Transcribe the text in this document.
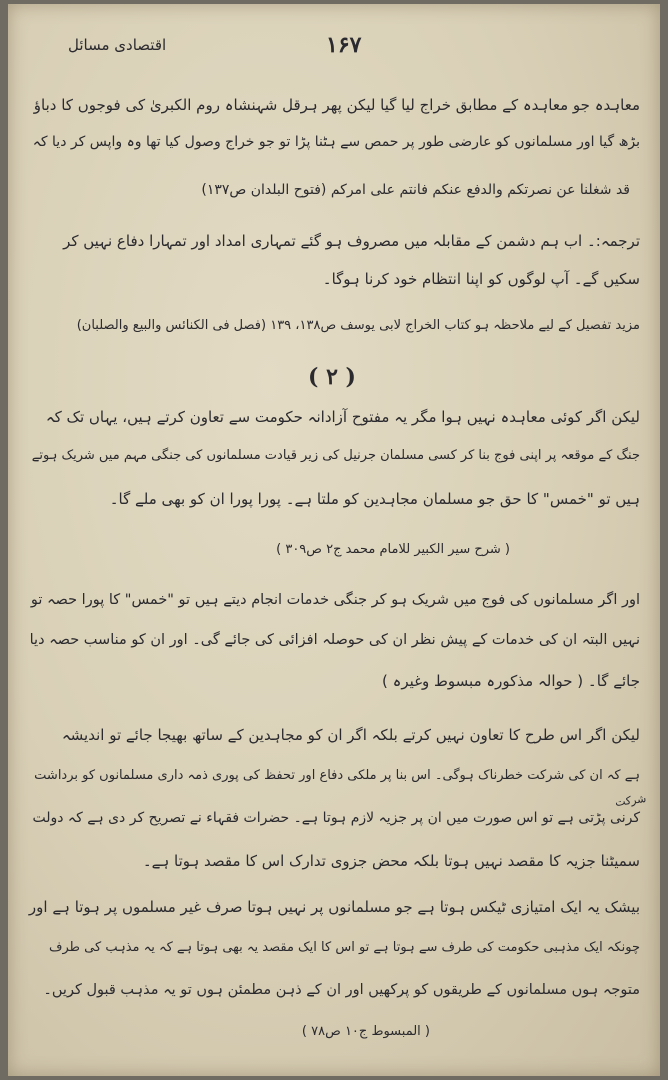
اقتصادی مسائل	۱۶۷
معاہدہ جو معاہدہ کے مطابق خراج لیا گیا لیکن پھر ہرقل شہنشاہ روم الکبریٰ کی فوجوں کا دباؤ
بڑھ گیا اور مسلمانوں کو عارضی طور پر حمص سے ہٹنا پڑا تو جو خراج وصول کیا تھا وہ واپس کر دیا کہ
قد شغلنا عن نصرتکم والدفع عنکم فانتم علی امرکم (فتوح البلدان ص۱۳۷)
ترجمہ:۔ اب ہم دشمن کے مقابلہ میں مصروف ہو گئے تمہاری امداد اور تمہارا دفاع نہیں کر
سکیں گے۔ آپ لوگوں کو اپنا انتظام خود کرنا ہوگا۔
مزید تفصیل کے لیے ملاحظہ ہو کتاب الخراج لابی یوسف ص۱۳۸، ۱۳۹ (فصل فی الکنائس والبیع والصلبان)
( ۲ )
لیکن اگر کوئی معاہدہ نہیں ہوا مگر یہ مفتوح آزادانہ حکومت سے تعاون کرتے ہیں، یہاں تک کہ
جنگ کے موقعہ پر اپنی فوج بنا کر کسی مسلمان جرنیل کی زیر قیادت مسلمانوں کی جنگی مہم میں شریک ہوتے
ہیں تو "خمس" کا حق جو مسلمان مجاہدین کو ملتا ہے۔ پورا پورا ان کو بھی ملے گا۔
( شرح سیر الکبیر للامام محمد ج۲ ص۳۰۹ )
اور اگر مسلمانوں کی فوج میں شریک ہو کر جنگی خدمات انجام دیتے ہیں تو "خمس" کا پورا حصہ تو
نہیں البتہ ان کی خدمات کے پیش نظر ان کی حوصلہ افزائی کی جائے گی۔ اور ان کو مناسب حصہ دیا
جائے گا۔ ( حوالہ مذکورہ مبسوط وغیرہ )
لیکن اگر اس طرح کا تعاون نہیں کرتے بلکہ اگر ان کو مجاہدین کے ساتھ بھیجا جائے تو اندیشہ
ہے کہ ان کی شرکت خطرناک ہوگی۔ اس بنا پر ملکی دفاع اور تحفظ کی پوری ذمہ داری مسلمانوں کو برداشت
کرنی پڑتی ہے تو اس صورت میں ان پر جزیہ لازم ہوتا ہے۔ حضرات فقہاء نے تصریح کر دی ہے کہ دولت
سمیٹنا جزیہ کا مقصد نہیں ہوتا بلکہ محض جزوی تدارک اس کا مقصد ہوتا ہے۔
بیشک یہ ایک امتیازی ٹیکس ہوتا ہے جو مسلمانوں پر نہیں ہوتا صرف غیر مسلموں پر ہوتا ہے اور
چونکہ ایک مذہبی حکومت کی طرف سے ہوتا ہے تو اس کا ایک مقصد یہ بھی ہوتا ہے کہ یہ مذہب کی طرف
متوجہ ہوں مسلمانوں کے طریقوں کو پرکھیں اور ان کے ذہن مطمئن ہوں تو یہ مذہب قبول کریں۔
( المبسوط ج۱۰ ص۷۸ )
شرکت
